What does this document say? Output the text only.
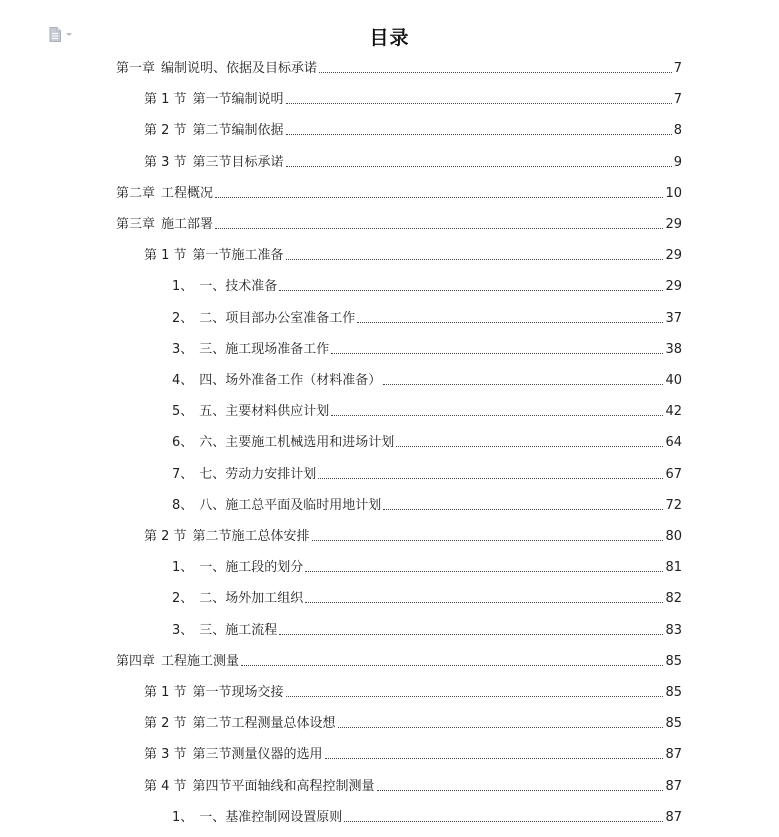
目录
第一章 编制说明、依据及目标承诺	7
第 1 节 第一节编制说明	7
第 2 节 第二节编制依据	8
第 3 节 第三节目标承诺	9
第二章 工程概况	10
第三章 施工部署	29
第 1 节 第一节施工准备	29
1、 一、技术准备	29
2、 二、项目部办公室准备工作	37
3、 三、施工现场准备工作	38
4、 四、场外准备工作（材料准备）	40
5、 五、主要材料供应计划	42
6、 六、主要施工机械选用和进场计划	64
7、 七、劳动力安排计划	67
8、 八、施工总平面及临时用地计划	72
第 2 节 第二节施工总体安排	80
1、 一、施工段的划分	81
2、 二、场外加工组织	82
3、 三、施工流程	83
第四章 工程施工测量	85
第 1 节 第一节现场交接	85
第 2 节 第二节工程测量总体设想	85
第 3 节 第三节测量仪器的选用	87
第 4 节 第四节平面轴线和高程控制测量	87
1、 一、基准控制网设置原则	87
